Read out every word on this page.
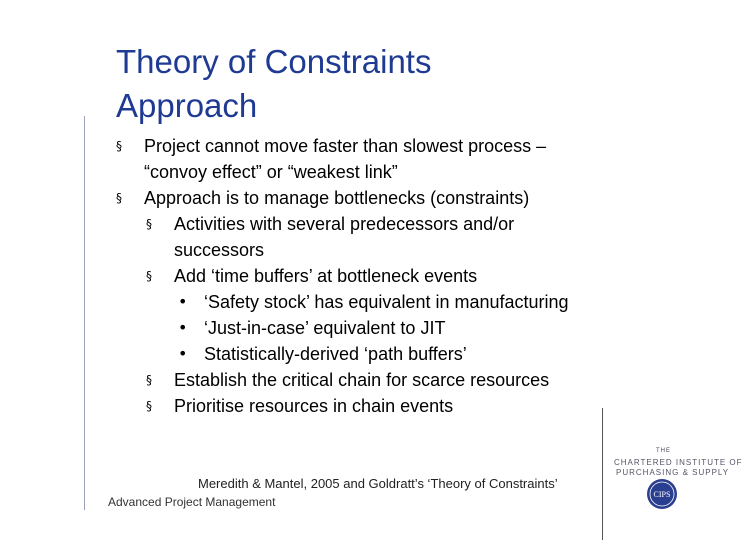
Theory of Constraints
Approach
§	Project cannot move faster than slowest process – “convoy effect” or “weakest link”
§	Approach is to manage bottlenecks (constraints)
§	Activities with several predecessors and/or successors
§	Add ‘time buffers’ at bottleneck events
• ‘Safety stock’ has equivalent in manufacturing
• ‘Just-in-case’ equivalent to JIT
• Statistically-derived ‘path buffers’
§	Establish the critical chain for scarce resources
§	Prioritise resources in chain events
Meredith & Mantel, 2005 and Goldratt’s ‘Theory of Constraints’
Advanced Project Management
THE
CHARTERED INSTITUTE OF
PURCHASING & SUPPLY
CIPS
